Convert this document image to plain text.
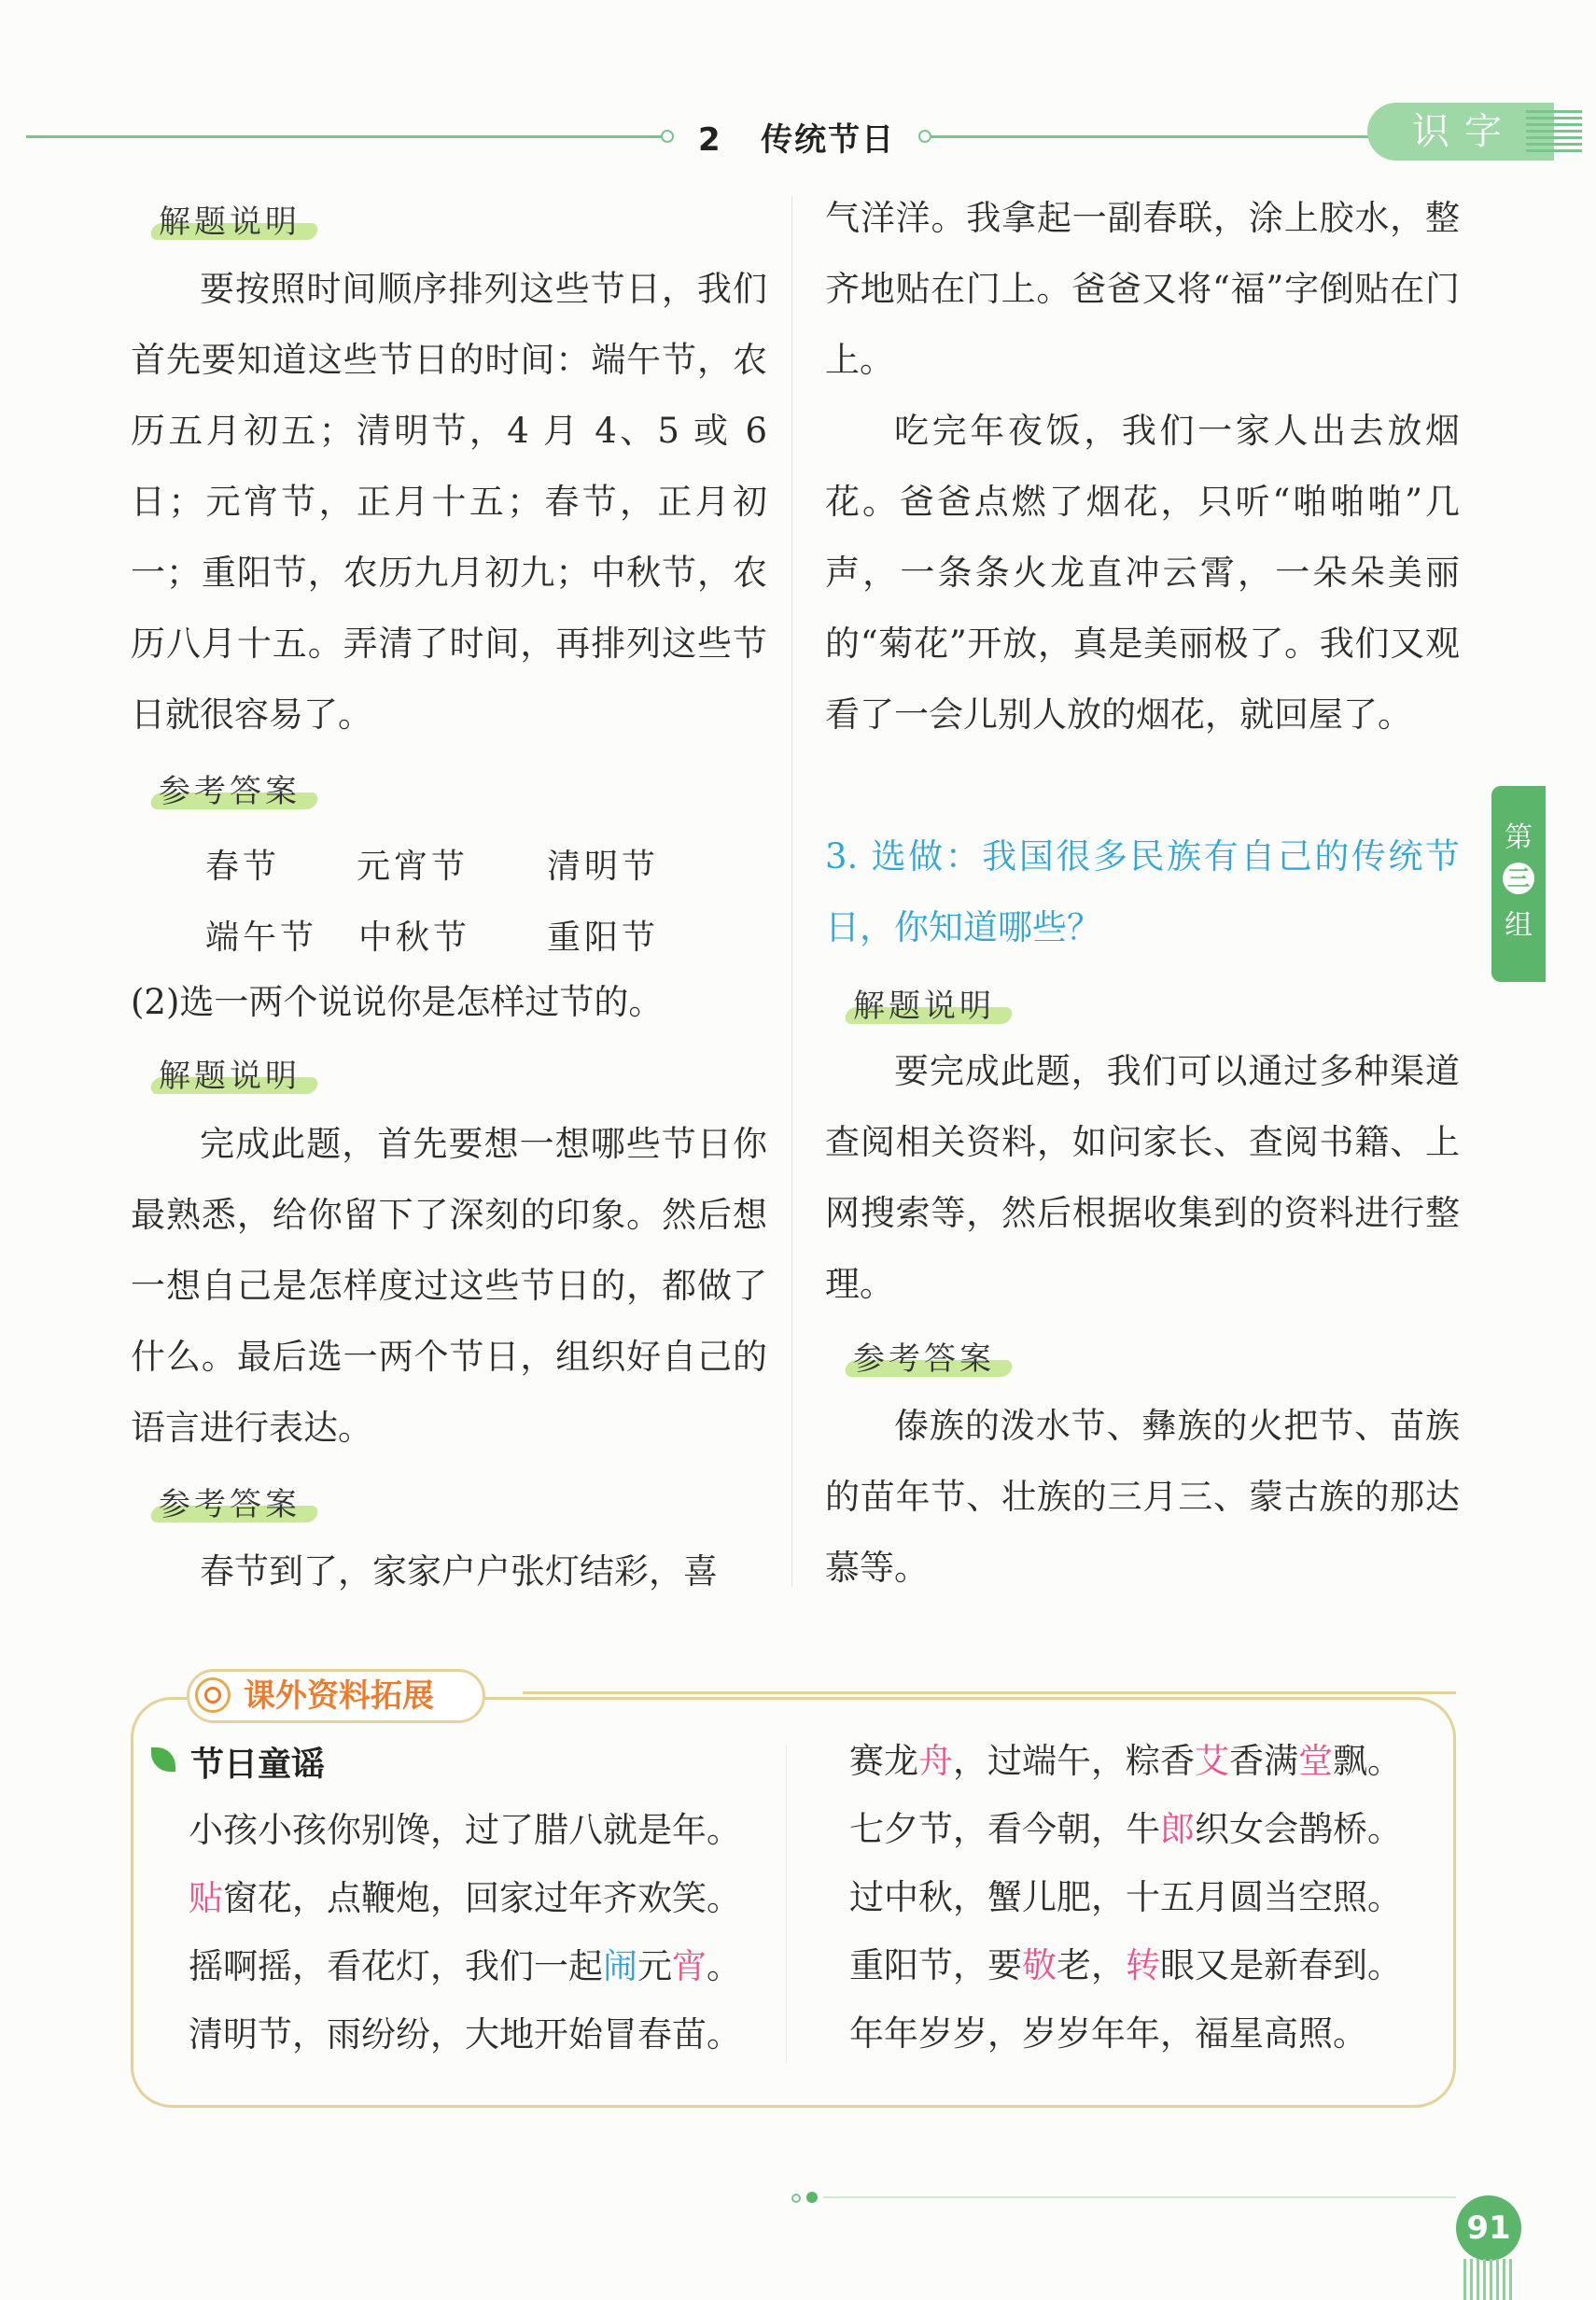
2   传统节日	识字
第
三
组
解题说明
要按照时间顺序排列这些节日，我们首先要知道这些节日的时间：端午节，农历五月初五；清明节，4 月 4、5 或 6 日；元宵节，正月十五；春节，正月初一；重阳节，农历九月初九；中秋节，农历八月十五。弄清了时间，再排列这些节日就很容易了。
参考答案
春节 元宵节 清明节
端午节 中秋节 重阳节
(2)选一两个说说你是怎样过节的。
解题说明
完成此题，首先要想一想哪些节日你最熟悉，给你留下了深刻的印象。然后想一想自己是怎样度过这些节日的，都做了什么。最后选一两个节日，组织好自己的语言进行表达。
参考答案
春节到了，家家户户张灯结彩，喜
气洋洋。我拿起一副春联，涂上胶水，整齐地贴在门上。爸爸又将“福”字倒贴在门上。
吃完年夜饭，我们一家人出去放烟花。爸爸点燃了烟花，只听“啪啪啪”几声，一条条火龙直冲云霄，一朵朵美丽的“菊花”开放，真是美丽极了。我们又观看了一会儿别人放的烟花，就回屋了。
3. 选做：我国很多民族有自己的传统节日，你知道哪些？
解题说明
要完成此题，我们可以通过多种渠道查阅相关资料，如问家长、查阅书籍、上网搜索等，然后根据收集到的资料进行整理。
参考答案
傣族的泼水节、彝族的火把节、苗族的苗年节、壮族的三月三、蒙古族的那达慕等。
课外资料拓展
节日童谣
小孩小孩你别馋，过了腊八就是年。
贴窗花，点鞭炮，回家过年齐欢笑。
摇啊摇，看花灯，我们一起闹元宵。
清明节，雨纷纷，大地开始冒春苗。
赛龙舟，过端午，粽香艾香满堂飘。
七夕节，看今朝，牛郎织女会鹊桥。
过中秋，蟹儿肥，十五月圆当空照。
重阳节，要敬老，转眼又是新春到。
年年岁岁，岁岁年年，福星高照。
91
